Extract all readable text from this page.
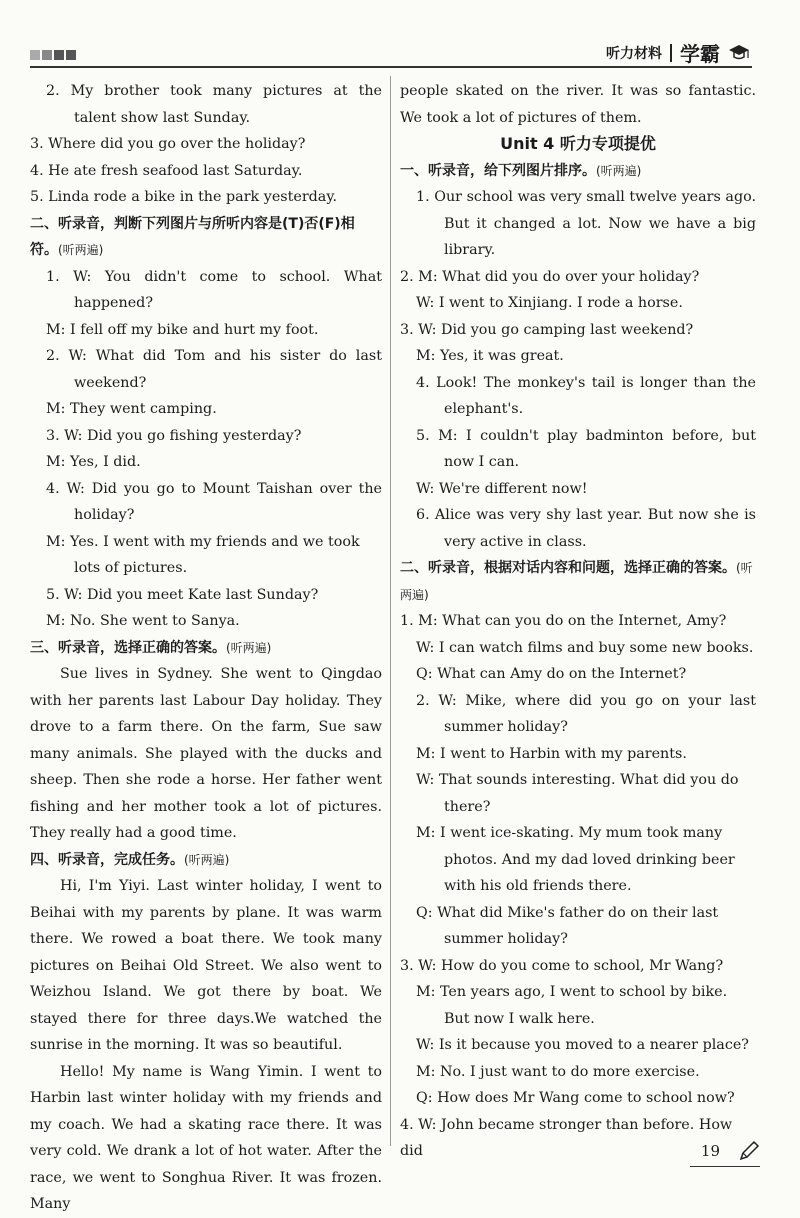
听力材料 学霸

2. My brother took many pictures at the talent show last Sunday.

3. Where did you go over the holiday?

4. He ate fresh seafood last Saturday.

5. Linda rode a bike in the park yesterday.

二、听录音，判断下列图片与所听内容是(T)否(F)相符。(听两遍)

1. W: You didn't come to school. What happened?

M: I fell off my bike and hurt my foot.

2. W: What did Tom and his sister do last weekend?

M: They went camping.

3. W: Did you go fishing yesterday?

M: Yes, I did.

4. W: Did you go to Mount Taishan over the holiday?

M: Yes. I went with my friends and we took lots of pictures.

5. W: Did you meet Kate last Sunday?

M: No. She went to Sanya.

三、听录音，选择正确的答案。(听两遍)

Sue lives in Sydney. She went to Qingdao with her parents last Labour Day holiday. They drove to a farm there. On the farm, Sue saw many animals. She played with the ducks and sheep. Then she rode a horse. Her father went fishing and her mother took a lot of pictures. They really had a good time.

四、听录音，完成任务。(听两遍)

Hi, I'm Yiyi. Last winter holiday, I went to Beihai with my parents by plane. It was warm there. We rowed a boat there. We took many pictures on Beihai Old Street. We also went to Weizhou Island. We got there by boat. We stayed there for three days.We watched the sunrise in the morning. It was so beautiful.

Hello! My name is Wang Yimin. I went to Harbin last winter holiday with my friends and my coach. We had a skating race there. It was very cold. We drank a lot of hot water. After the race, we went to Songhua River. It was frozen. Many

people skated on the river. It was so fantastic. We took a lot of pictures of them.

Unit 4 听力专项提优

一、听录音，给下列图片排序。(听两遍)

1. Our school was very small twelve years ago. But it changed a lot. Now we have a big library.

2. M: What did you do over your holiday?

W: I went to Xinjiang. I rode a horse.

3. W: Did you go camping last weekend?

M: Yes, it was great.

4. Look! The monkey's tail is longer than the elephant's.

5. M: I couldn't play badminton before, but now I can.

W: We're different now!

6. Alice was very shy last year. But now she is very active in class.

二、听录音，根据对话内容和问题，选择正确的答案。(听两遍)

1. M: What can you do on the Internet, Amy?

W: I can watch films and buy some new books.

Q: What can Amy do on the Internet?

2. W: Mike, where did you go on your last summer holiday?

M: I went to Harbin with my parents.

W: That sounds interesting. What did you do there?

M: I went ice-skating. My mum took many photos. And my dad loved drinking beer with his old friends there.

Q: What did Mike's father do on their last summer holiday?

3. W: How do you come to school, Mr Wang?

M: Ten years ago, I went to school by bike. But now I walk here.

W: Is it because you moved to a nearer place?

M: No. I just want to do more exercise.

Q: How does Mr Wang come to school now?

4. W: John became stronger than before. How did	19
